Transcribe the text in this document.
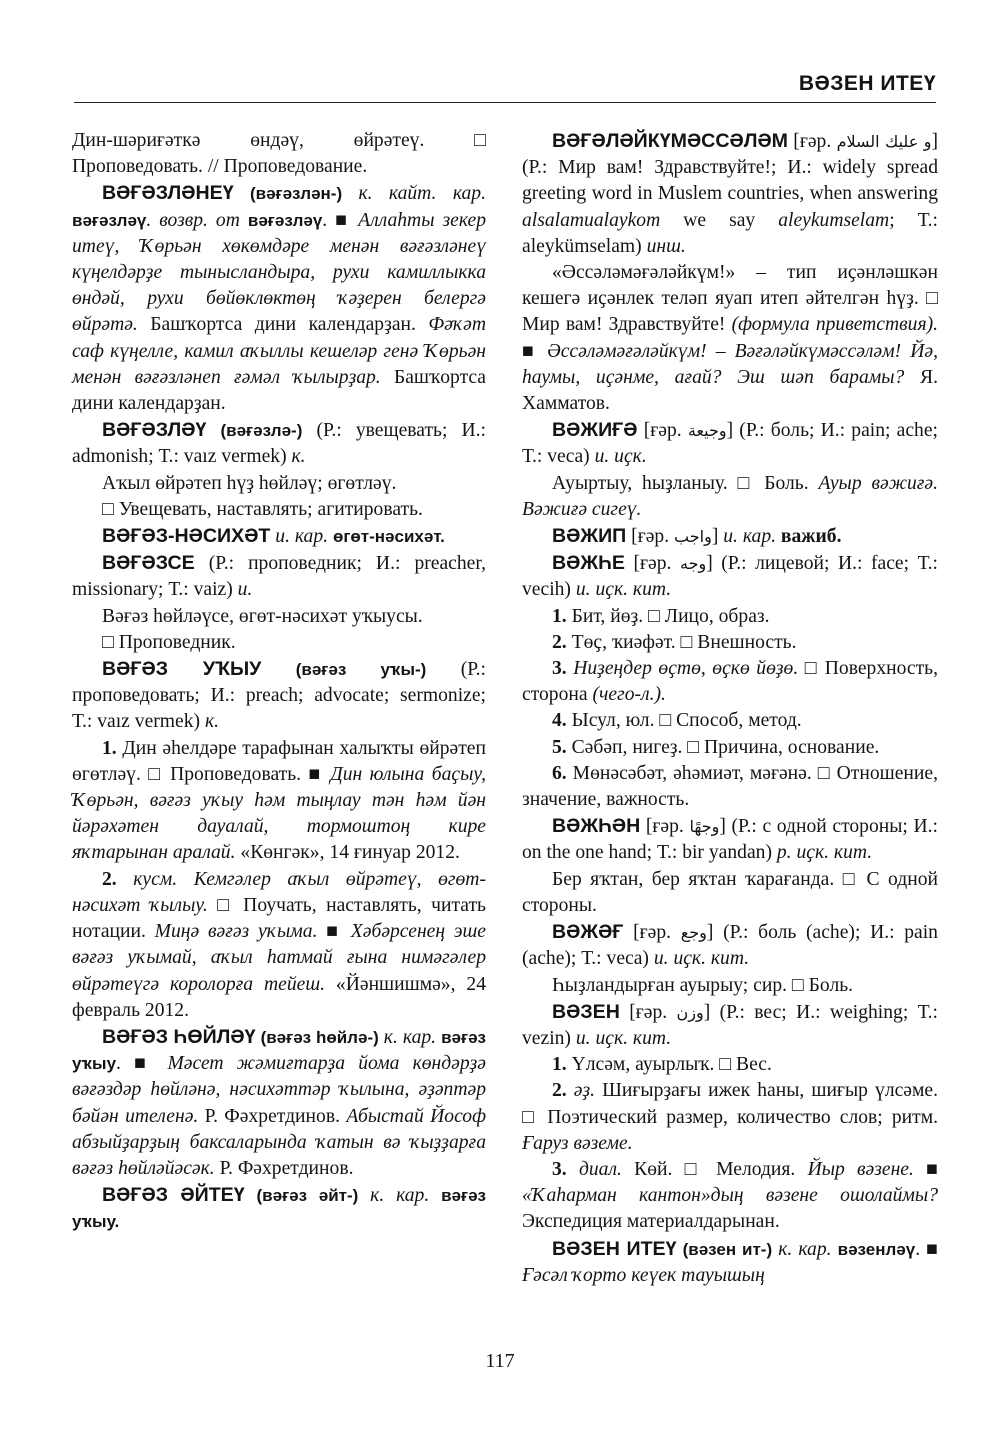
ВӘЗЕН ИТЕҮ

Дин-шәриғәткә өндәү, өйрәтеү. □ Проповедовать. // Проповедование.

ВӘҒӘЗЛӘНЕҮ (вәғәзлән-) к. кайт. кар. вәғәзләү. возвр. от вәғәзләү. ■ Аллаһты зекер итеү, Ҡөрьән хөкөмдәре менән вәғәзләнеү күңелдәрҙе тынысландыра, рухи камиллыкка өндәй, рухи бөйөклөктөң ҡәҙерен белергә өйрәтә. Башҡортса дини календарҙан. Фәҡәт саф күңелле, камил аҡыллы кешеләр генә Ҡөрьән менән вәғәзләнеп ғәмәл ҡылырҙар. Башҡортса дини календарҙан.

ВӘҒӘЗЛӘҮ (вәғәзлә-) (Р.: увещевать; И.: admonish; Т.: vaız vermek) к.

Аҡыл өйрәтеп һүҙ һөйләү; өгөтләү.

□ Увещевать, наставлять; агитировать.

ВӘҒӘЗ-НӘСИХӘТ и. кар. өгөт-нәсихәт.

ВӘҒӘЗСЕ (Р.: проповедник; И.: preacher, missionary; Т.: vaiz) и.

Вәғәз һөйләүсе, өгөт-нәсихәт уҡыусы.

□ Проповедник.

ВӘҒӘЗ УҠЫУ (вәғәз уҡы-) (Р.: проповедовать; И.: preach; advocate; sermonize; Т.: vaız vermek) к.

1. Дин әһелдәре тарафынан халыҡты өйрәтеп өгөтләү. □ Проповедовать. ■ Дин юлына баҫыу, Ҡөрьән, вәғәз уҡыу һәм тыңлау тән һәм йән йәрәхәтен дауалай, тормоштоң кире яҡтарынан аралай. «Көнгәк», 14 ғинуар 2012.

2. кусм. Кемгәлер аҡыл өйрәтеү, өгөт-нәсихәт ҡылыу. □ Поучать, наставлять, читать нотации. Миңә вәғәз уҡыма. ■ Хәбәрсенең эше вәғәз уҡымай, аҡыл һатмай ғына нимәгәлер өйрәтеүгә королорға тейеш. «Йәншишмә», 24 февраль 2012.

ВӘҒӘЗ ҺӨЙЛӘҮ (вәғәз һөйлә-) к. кар. вәғәз уҡыу. ■ Мәсет жәмиғтарҙа йома көндәрҙә вәғәздәр һөйләнә, нәсихәттәр ҡылына, әҙәптәр бәйән ителенә. Р. Фәхретдинов. Абыстай Йософ абзыйҙарҙың баксаларында ҡатын вә ҡыҙҙарға вәғәз һөйләйәсәк. Р. Фәхретдинов.

ВӘҒӘЗ ӘЙТЕҮ (вәғәз әйт-) к. кар. вәғәз уҡыу.

ВӘҒӘЛӘЙКҮМӘССӘЛӘМ [ғәр. و عليك السلام] (Р.: Мир вам! Здравствуйте!; И.: widely spread greeting word in Muslem countries, when answering alsalamualaykom we say aleykumselam; Т.: aleykümselam) инш.

«Әссәләмәғәләйкүм!» – тип иҫәнләшкән кешегә иҫәнлек теләп яуап итеп әйтелгән һүҙ. □ Мир вам! Здравствуйте! (формула приветствия). ■ Әссәләмәғәләйкүм! – Вәғәләйкүмәссәләм! Йә, һаумы, иҫәнме, ағай? Эш шәп барамы? Я. Хамматов.

ВӘЖИҒӘ [ғәр. وجيعة] (Р.: боль; И.: pain; ache; Т.: veca) и. иҫк.

Ауыртыу, һыҙланыу. □ Боль. Ауыр вәжиғә. Вәжиғә сигеү.

ВӘЖИП [ғәр. واجب] и. кар. важиб.

ВӘЖҺЕ [ғәр. وجه] (Р.: лицевой; И.: face; Т.: vecih) и. иҫк. кит.

1. Бит, йөҙ. □ Лицо, образ.

2. Төҫ, ҡиәфәт. □ Внешность.

3. Ниҙеңдер өҫтө, өҫкө йөҙө. □ Поверхность, сторона (чего-л.).

4. Ысул, юл. □ Способ, метод.

5. Сәбәп, нигеҙ. □ Причина, основание.

6. Мөнәсәбәт, әһәмиәт, мәғәнә. □ Отношение, значение, важность.

ВӘЖҺӘН [ғәр. وجهًا] (Р.: с одной стороны; И.: on the one hand; Т.: bir yandan) р. иҫк. кит.

Бер яҡтан, бер яҡтан ҡарағанда. □ С одной стороны.

ВӘЖӘҒ [ғәр. وجع] (Р.: боль (ache); И.: pain (ache); Т.: veca) и. иҫк. кит.

Һыҙландырған ауырыу; сир. □ Боль.

ВӘЗЕН [ғәр. وزن] (Р.: вес; И.: weighing; Т.: vezin) и. иҫк. кит.

1. Үлсәм, ауырлыҡ. □ Вес.

2. әҙ. Шиғырҙағы ижек һаны, шиғыр үлсәме. □ Поэтический размер, количество слов; ритм. Ғаруз вәземе.

3. диал. Көй. □ Мелодия. Йыр вәзене. ■ «Ҡаһарман кантон»дың вәзене ошолаймы? Экспедиция материалдарынан.

ВӘЗЕН ИТЕҮ (вәзен ит-) к. кар. вәзенләү. ■ Ғәсәл ҡорто кеүек тауышың

117
